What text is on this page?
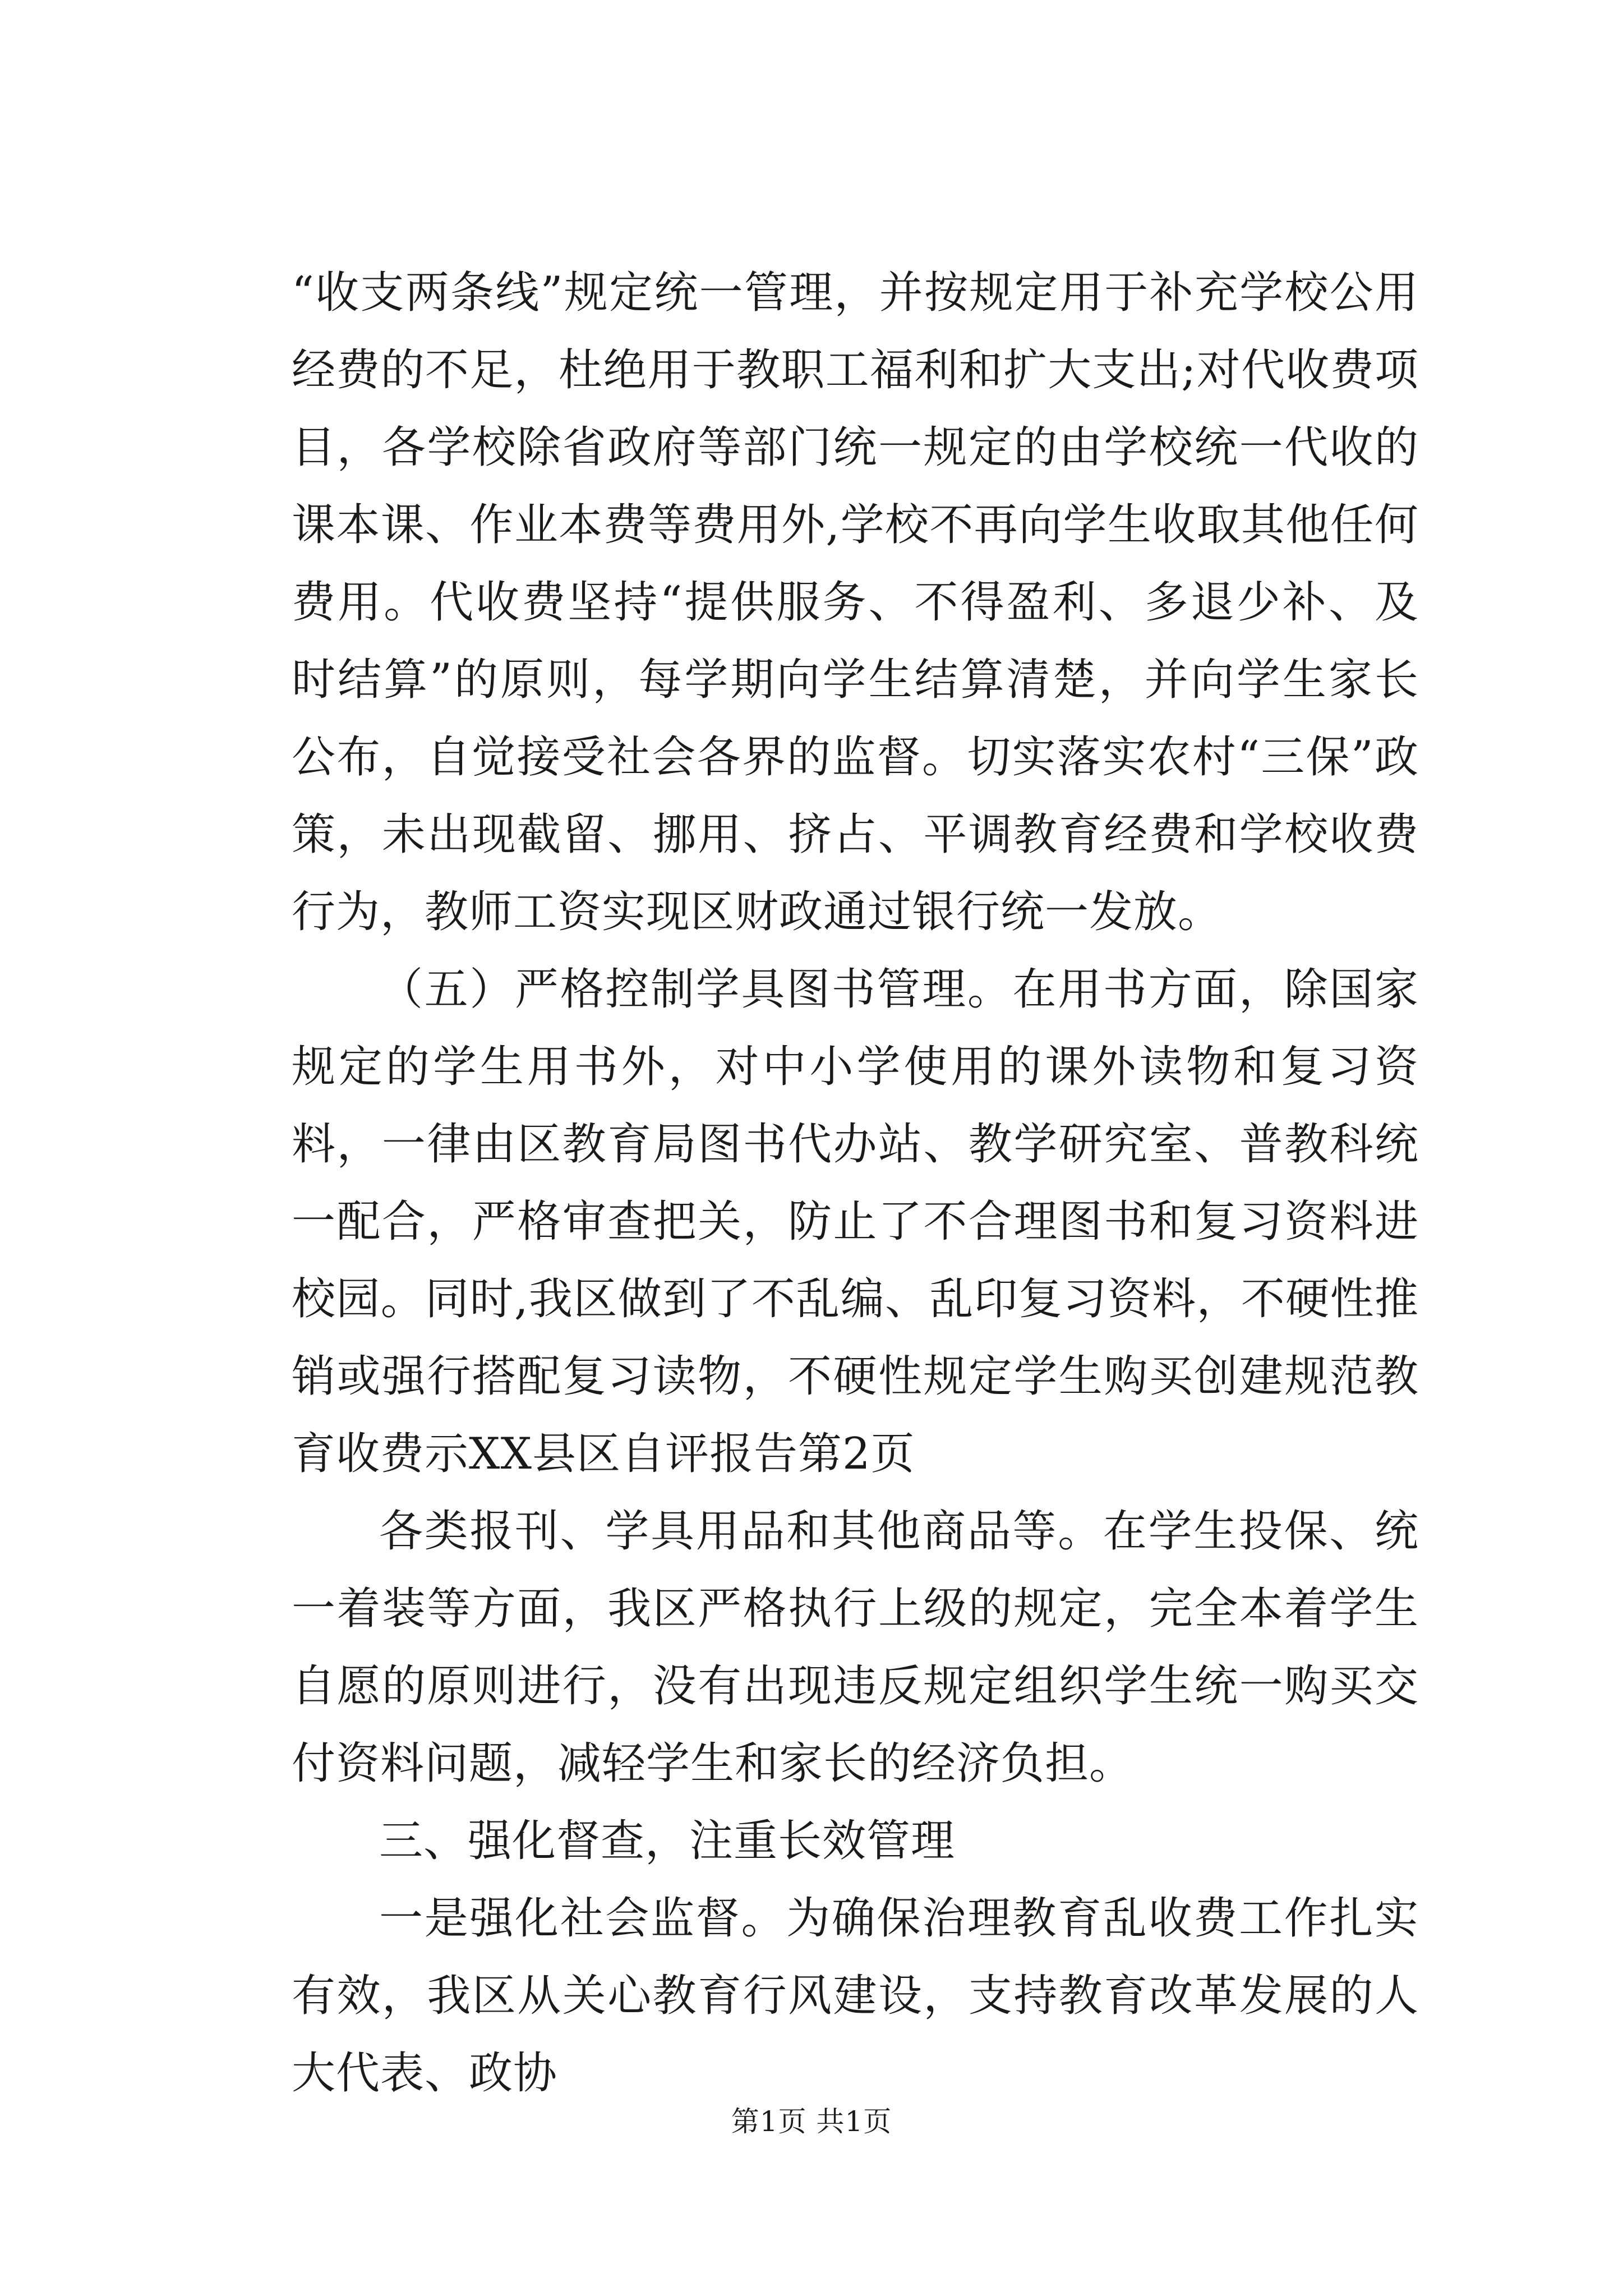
“收支两条线”规定统一管理，并按规定用于补充学校公用经费的不足，杜绝用于教职工福利和扩大支出;对代收费项目，各学校除省政府等部门统一规定的由学校统一代收的课本课、作业本费等费用外,学校不再向学生收取其他任何费用。代收费坚持“提供服务、不得盈利、多退少补、及时结算”的原则，每学期向学生结算清楚，并向学生家长公布，自觉接受社会各界的监督。切实落实农村“三保”政策，未出现截留、挪用、挤占、平调教育经费和学校收费行为，教师工资实现区财政通过银行统一发放。

（五）严格控制学具图书管理。在用书方面，除国家规定的学生用书外，对中小学使用的课外读物和复习资料，一律由区教育局图书代办站、教学研究室、普教科统一配合，严格审查把关，防止了不合理图书和复习资料进校园。同时,我区做到了不乱编、乱印复习资料，不硬性推销或强行搭配复习读物，不硬性规定学生购买创建规范教育收费示XX县区自评报告第2页

各类报刊、学具用品和其他商品等。在学生投保、统一着装等方面，我区严格执行上级的规定，完全本着学生自愿的原则进行，没有出现违反规定组织学生统一购买交付资料问题，减轻学生和家长的经济负担。

三、强化督查，注重长效管理

一是强化社会监督。为确保治理教育乱收费工作扎实有效，我区从关心教育行风建设，支持教育改革发展的人大代表、政协

第1页 共1页
